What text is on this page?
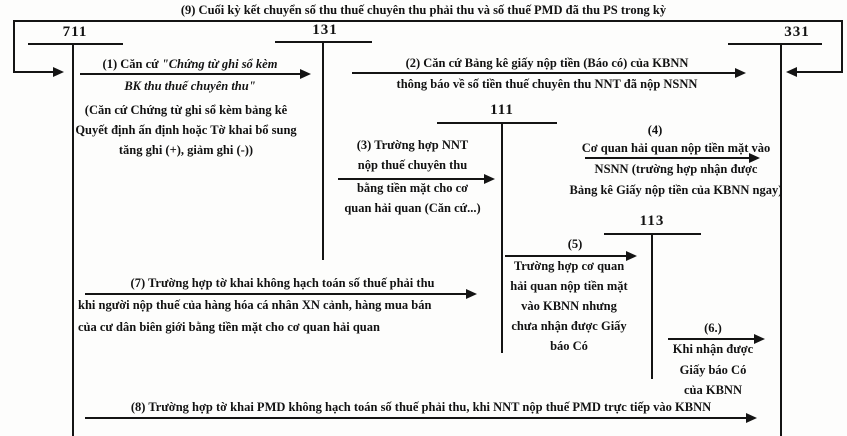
(9) Cuối kỳ kết chuyển số thu thuế chuyên thu phải thu và số thuế PMD đã thu PS trong kỳ
711	131
111
113
331
(1) Căn cứ "Chứng từ ghi sổ kèm
BK thu thuế chuyên thu"
(Căn cứ Chứng từ ghi sổ kèm bảng kê
Quyết định ấn định hoặc Tờ khai bổ sung
tăng ghi (+), giảm ghi (-))
(2) Căn cứ Bảng kê giấy nộp tiền (Báo có) của KBNN
thông báo về số tiền thuế chuyên thu NNT đã nộp NSNN
(3) Trường hợp NNT
nộp thuế chuyên thu
bằng tiền mặt cho cơ
quan hải quan (Căn cứ...)
(4)
Cơ quan hải quan nộp tiền mặt vào
NSNN (trường hợp nhận được
Bảng kê Giấy nộp tiền của KBNN ngay)
(5)
Trường hợp cơ quan
hải quan nộp tiền mặt
vào KBNN nhưng
chưa nhận được Giấy
báo Có
(6.)
Khi nhận được
Giấy báo Có
của KBNN
(7) Trường hợp tờ khai không hạch toán số thuế phải thu
khi người nộp thuế của hàng hóa cá nhân XN cảnh, hàng mua bán
của cư dân biên giới bằng tiền mặt cho cơ quan hải quan
(8) Trường hợp tờ khai PMD không hạch toán số thuế phải thu, khi NNT nộp thuế PMD trực tiếp vào KBNN
